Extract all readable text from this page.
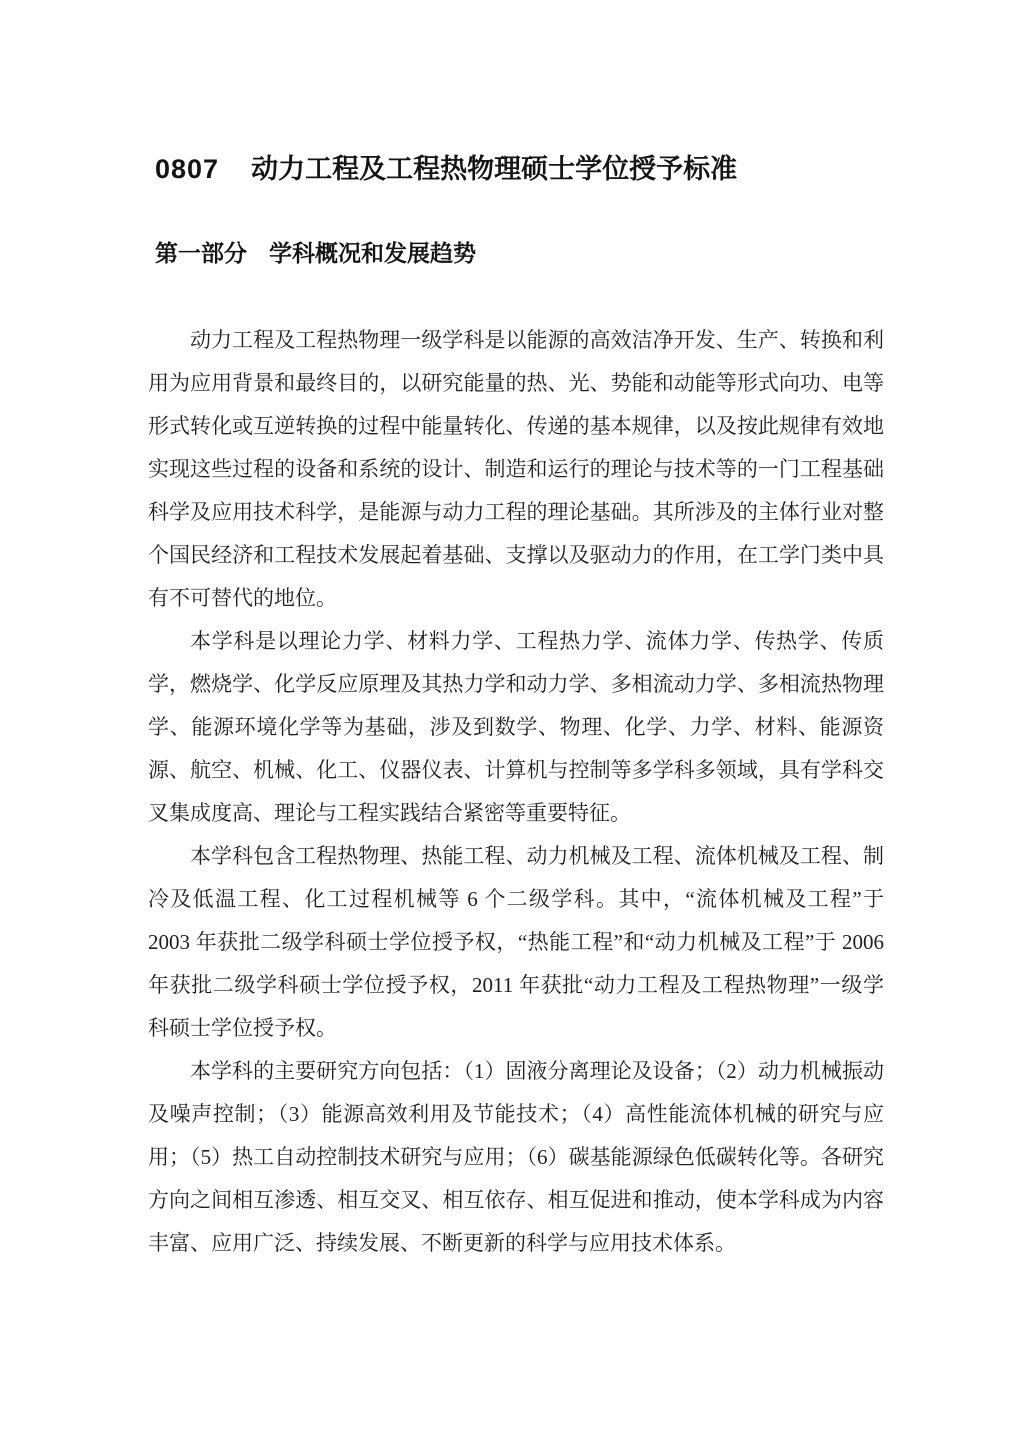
0807 动力工程及工程热物理硕士学位授予标准
第一部分 学科概况和发展趋势

动力工程及工程热物理一级学科是以能源的高效洁净开发、生产、转换和利用为应用背景和最终目的，以研究能量的热、光、势能和动能等形式向功、电等形式转化或互逆转换的过程中能量转化、传递的基本规律，以及按此规律有效地实现这些过程的设备和系统的设计、制造和运行的理论与技术等的一门工程基础科学及应用技术科学，是能源与动力工程的理论基础。其所涉及的主体行业对整个国民经济和工程技术发展起着基础、支撑以及驱动力的作用，在工学门类中具有不可替代的地位。

本学科是以理论力学、材料力学、工程热力学、流体力学、传热学、传质学，燃烧学、化学反应原理及其热力学和动力学、多相流动力学、多相流热物理学、能源环境化学等为基础，涉及到数学、物理、化学、力学、材料、能源资源、航空、机械、化工、仪器仪表、计算机与控制等多学科多领域，具有学科交叉集成度高、理论与工程实践结合紧密等重要特征。

本学科包含工程热物理、热能工程、动力机械及工程、流体机械及工程、制冷及低温工程、化工过程机械等 6 个二级学科。其中，“流体机械及工程”于 2003 年获批二级学科硕士学位授予权，“热能工程”和“动力机械及工程”于 2006 年获批二级学科硕士学位授予权，2011 年获批“动力工程及工程热物理”一级学科硕士学位授予权。

本学科的主要研究方向包括：（1）固液分离理论及设备；（2）动力机械振动及噪声控制；（3）能源高效利用及节能技术；（4）高性能流体机械的研究与应用；（5）热工自动控制技术研究与应用；（6）碳基能源绿色低碳转化等。各研究方向之间相互渗透、相互交叉、相互依存、相互促进和推动，使本学科成为内容丰富、应用广泛、持续发展、不断更新的科学与应用技术体系。
